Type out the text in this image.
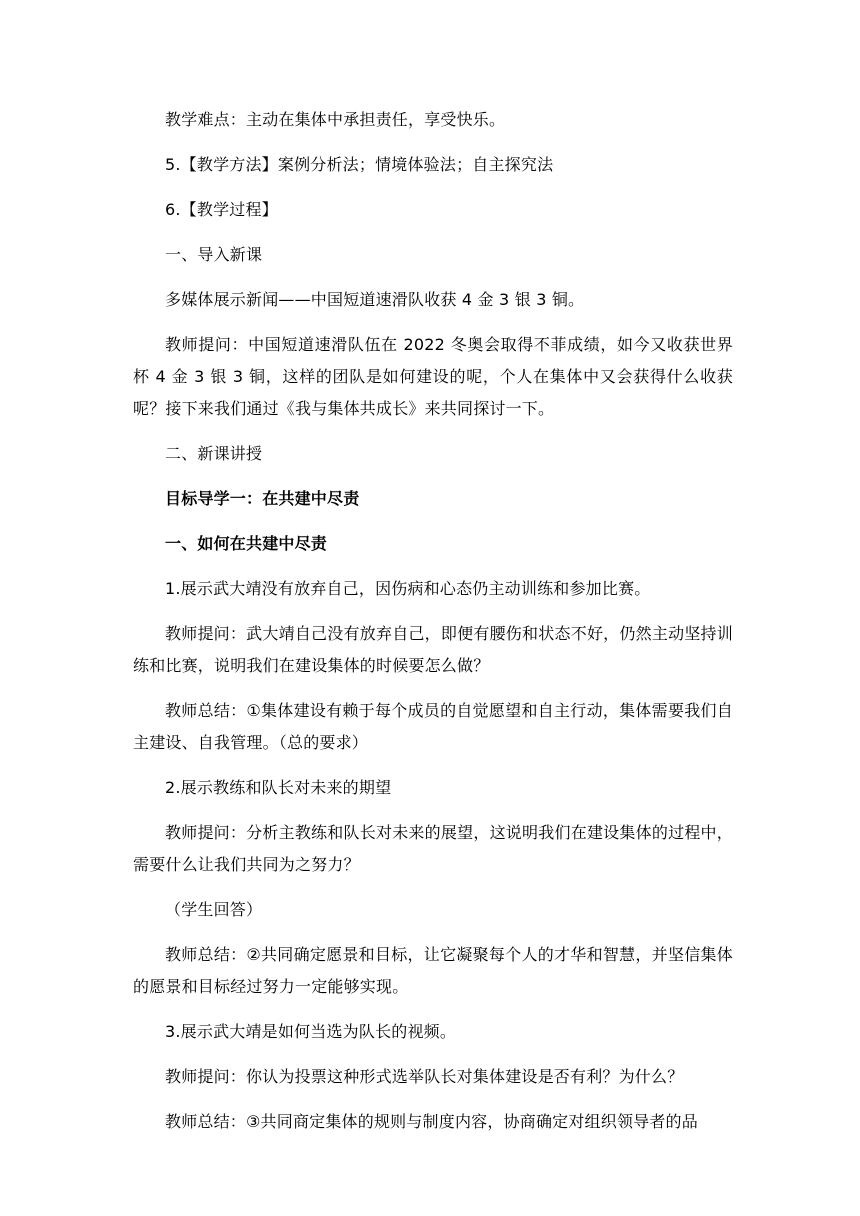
教学难点：主动在集体中承担责任，享受快乐。

5.【教学方法】案例分析法；情境体验法；自主探究法

6.【教学过程】

一、导入新课

多媒体展示新闻——中国短道速滑队收获 4 金 3 银 3 铜。

教师提问：中国短道速滑队伍在 2022 冬奥会取得不菲成绩，如今又收获世界杯 4 金 3 银 3 铜，这样的团队是如何建设的呢，个人在集体中又会获得什么收获呢？接下来我们通过《我与集体共成长》来共同探讨一下。

二、新课讲授

目标导学一：在共建中尽责

一、如何在共建中尽责

1.展示武大靖没有放弃自己，因伤病和心态仍主动训练和参加比赛。

教师提问：武大靖自己没有放弃自己，即便有腰伤和状态不好，仍然主动坚持训练和比赛，说明我们在建设集体的时候要怎么做？

教师总结：①集体建设有赖于每个成员的自觉愿望和自主行动，集体需要我们自主建设、自我管理。（总的要求）

2.展示教练和队长对未来的期望

教师提问：分析主教练和队长对未来的展望，这说明我们在建设集体的过程中，需要什么让我们共同为之努力？

（学生回答）

教师总结：②共同确定愿景和目标，让它凝聚每个人的才华和智慧，并坚信集体的愿景和目标经过努力一定能够实现。

3.展示武大靖是如何当选为队长的视频。

教师提问：你认为投票这种形式选举队长对集体建设是否有利？为什么？

教师总结：③共同商定集体的规则与制度内容，协商确定对组织领导者的品
